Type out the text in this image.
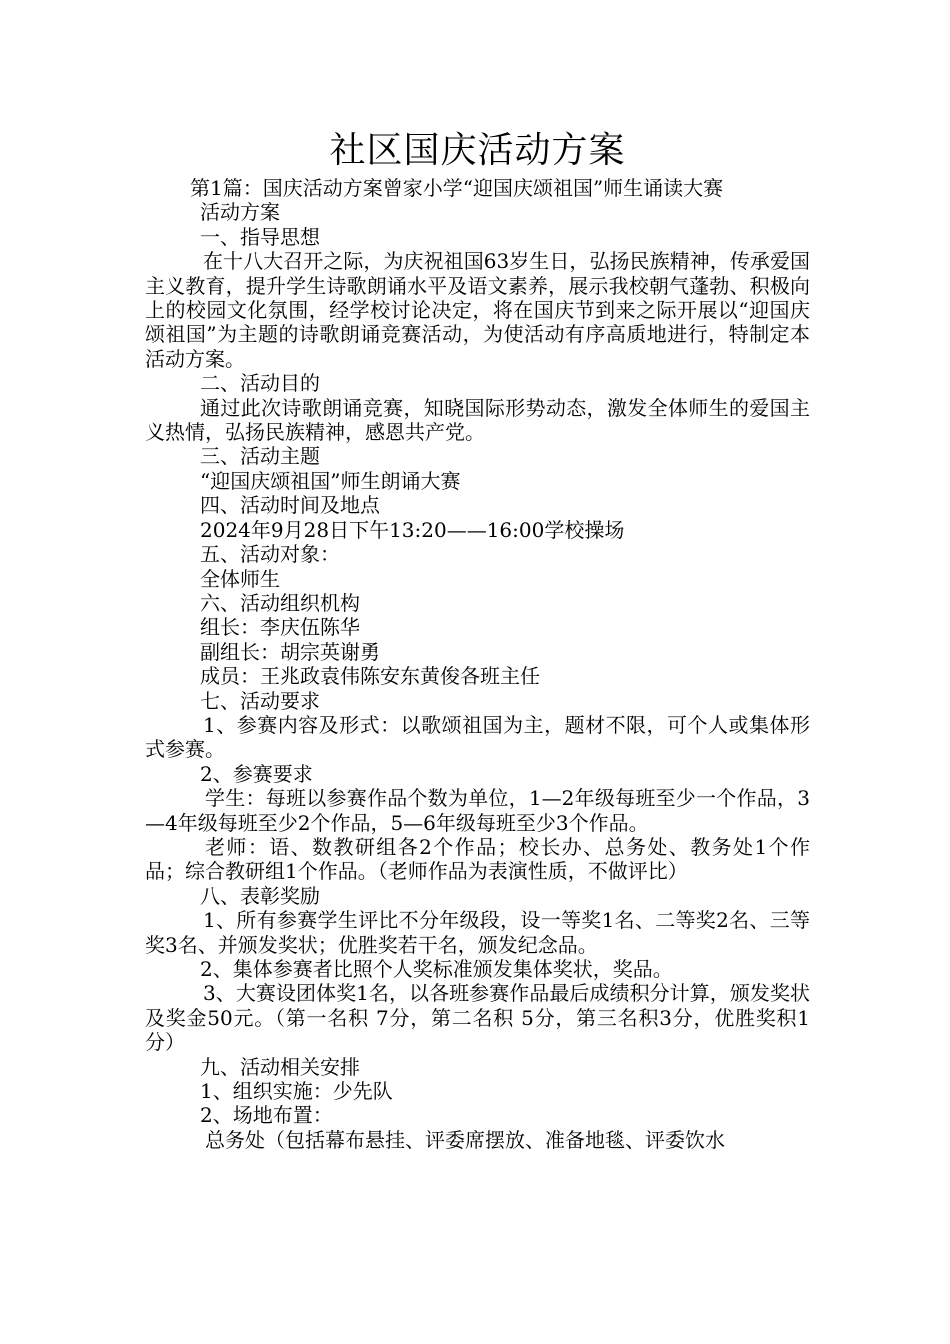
社区国庆活动方案
第1篇：国庆活动方案曾家小学“迎国庆颂祖国”师生诵读大赛
活动方案
一、指导思想
在十八大召开之际，为庆祝祖国63岁生日，弘扬民族精神，传承爱国主义教育，提升学生诗歌朗诵水平及语文素养，展示我校朝气蓬勃、积极向上的校园文化氛围，经学校讨论决定，将在国庆节到来之际开展以“迎国庆颂祖国”为主题的诗歌朗诵竞赛活动，为使活动有序高质地进行，特制定本活动方案。
二、活动目的
通过此次诗歌朗诵竞赛，知晓国际形势动态，激发全体师生的爱国主义热情，弘扬民族精神，感恩共产党。
三、活动主题
“迎国庆颂祖国”师生朗诵大赛
四、活动时间及地点
2024年9月28日下午13:20——16:00学校操场
五、活动对象：
全体师生
六、活动组织机构
组长：李庆伍陈华
副组长：胡宗英谢勇
成员：王兆政袁伟陈安东黄俊各班主任
七、活动要求
1、参赛内容及形式：以歌颂祖国为主，题材不限，可个人或集体形式参赛。
2、参赛要求
学生：每班以参赛作品个数为单位，1—2年级每班至少一个作品，3—4年级每班至少2个作品，5—6年级每班至少3个作品。
老师：语、数教研组各2个作品；校长办、总务处、教务处1个作品；综合教研组1个作品。（老师作品为表演性质，不做评比）
八、表彰奖励
1、所有参赛学生评比不分年级段，设一等奖1名、二等奖2名、三等奖3名、并颁发奖状；优胜奖若干名，颁发纪念品。
2、集体参赛者比照个人奖标准颁发集体奖状，奖品。
3、大赛设团体奖1名，以各班参赛作品最后成绩积分计算，颁发奖状及奖金50元。（第一名积 7分，第二名积 5分，第三名积3分，优胜奖积1分）
九、活动相关安排
1、组织实施：少先队
2、场地布置：
总务处（包括幕布悬挂、评委席摆放、准备地毯、评委饮水
